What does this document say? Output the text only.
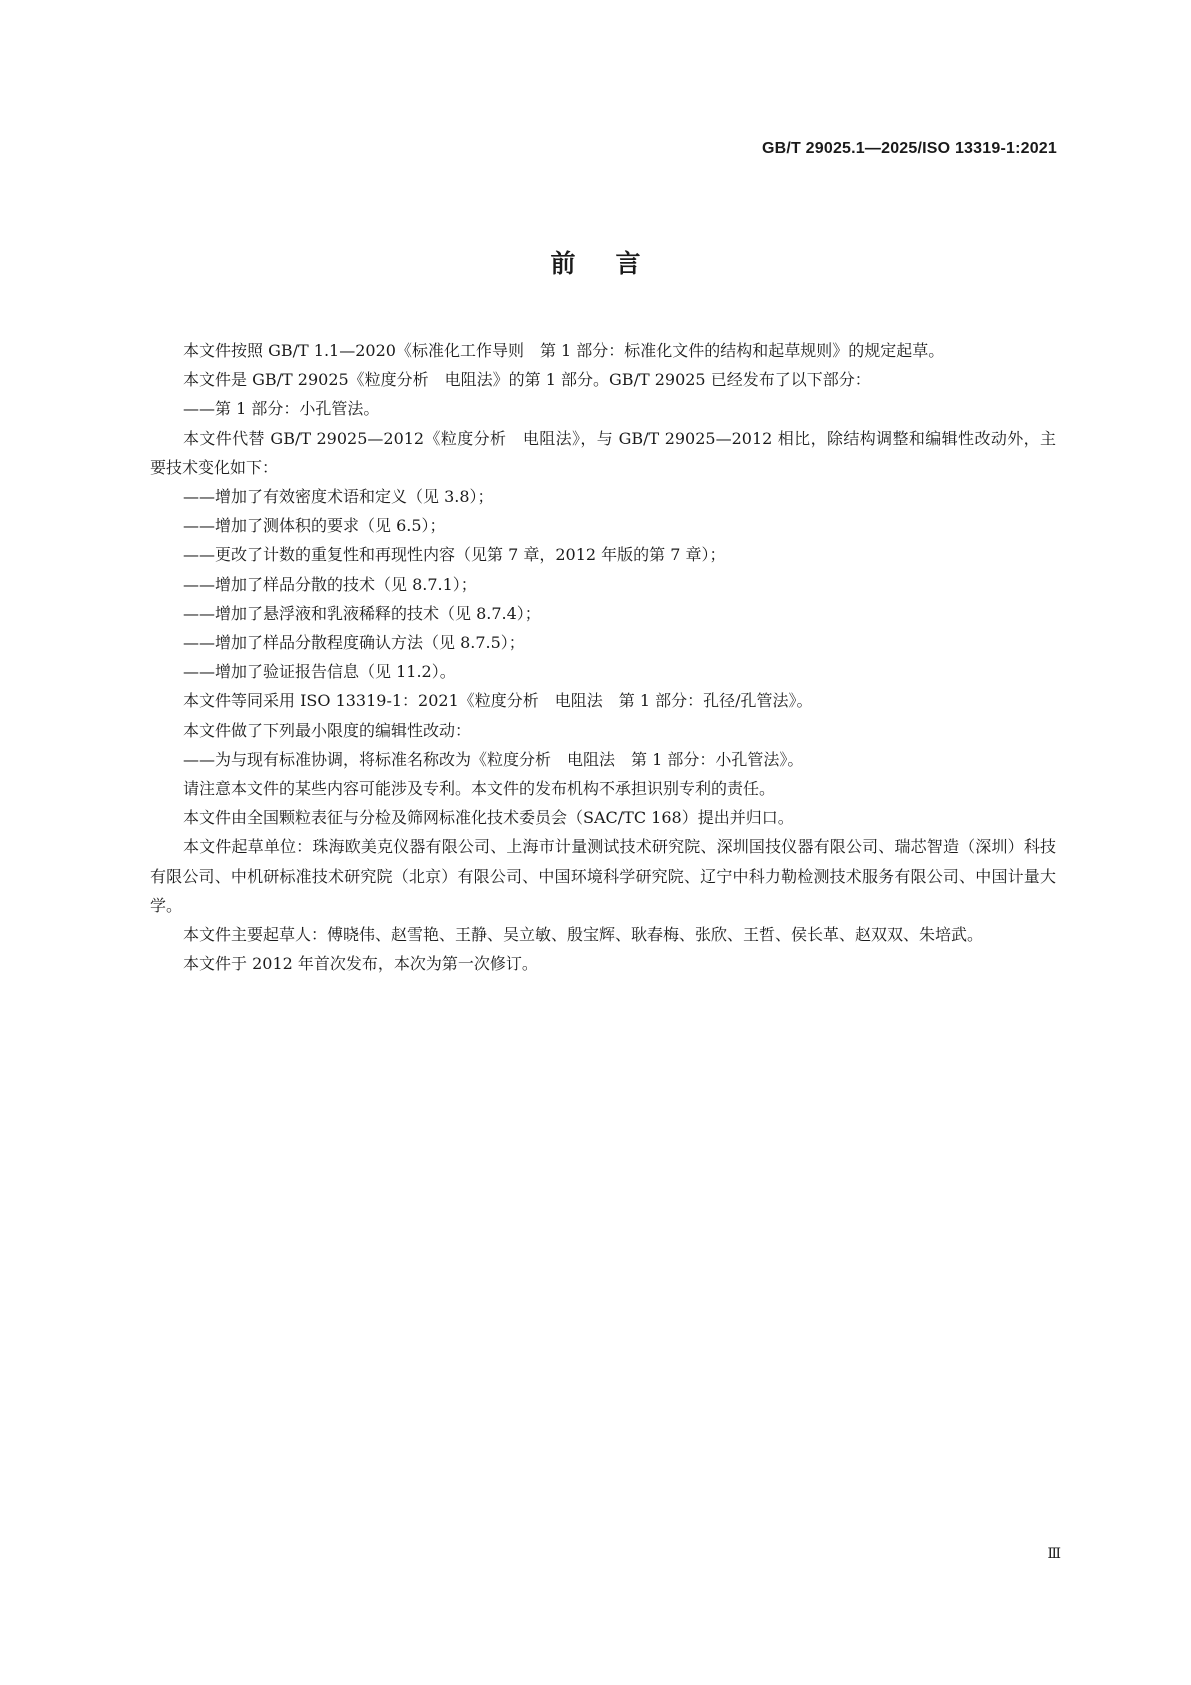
GB/T 29025.1—2025/ISO 13319-1:2021
前言

本文件按照 GB/T 1.1—2020《标准化工作导则　第 1 部分：标准化文件的结构和起草规则》的规定起草。

本文件是 GB/T 29025《粒度分析　电阻法》的第 1 部分。GB/T 29025 已经发布了以下部分：

——第 1 部分：小孔管法。

本文件代替 GB/T 29025—2012《粒度分析　电阻法》，与 GB/T 29025—2012 相比，除结构调整和编辑性改动外，主要技术变化如下：

——增加了有效密度术语和定义（见 3.8）；

——增加了测体积的要求（见 6.5）；

——更改了计数的重复性和再现性内容（见第 7 章，2012 年版的第 7 章）；

——增加了样品分散的技术（见 8.7.1）；

——增加了悬浮液和乳液稀释的技术（见 8.7.4）；

——增加了样品分散程度确认方法（见 8.7.5）；

——增加了验证报告信息（见 11.2）。

本文件等同采用 ISO 13319-1：2021《粒度分析　电阻法　第 1 部分：孔径/孔管法》。

本文件做了下列最小限度的编辑性改动：

——为与现有标准协调，将标准名称改为《粒度分析　电阻法　第 1 部分：小孔管法》。

请注意本文件的某些内容可能涉及专利。本文件的发布机构不承担识别专利的责任。

本文件由全国颗粒表征与分检及筛网标准化技术委员会（SAC/TC 168）提出并归口。

本文件起草单位：珠海欧美克仪器有限公司、上海市计量测试技术研究院、深圳国技仪器有限公司、瑞芯智造（深圳）科技有限公司、中机研标准技术研究院（北京）有限公司、中国环境科学研究院、辽宁中科力勒检测技术服务有限公司、中国计量大学。

本文件主要起草人：傅晓伟、赵雪艳、王静、吴立敏、殷宝辉、耿春梅、张欣、王哲、侯长革、赵双双、朱培武。

本文件于 2012 年首次发布，本次为第一次修订。

Ⅲ
